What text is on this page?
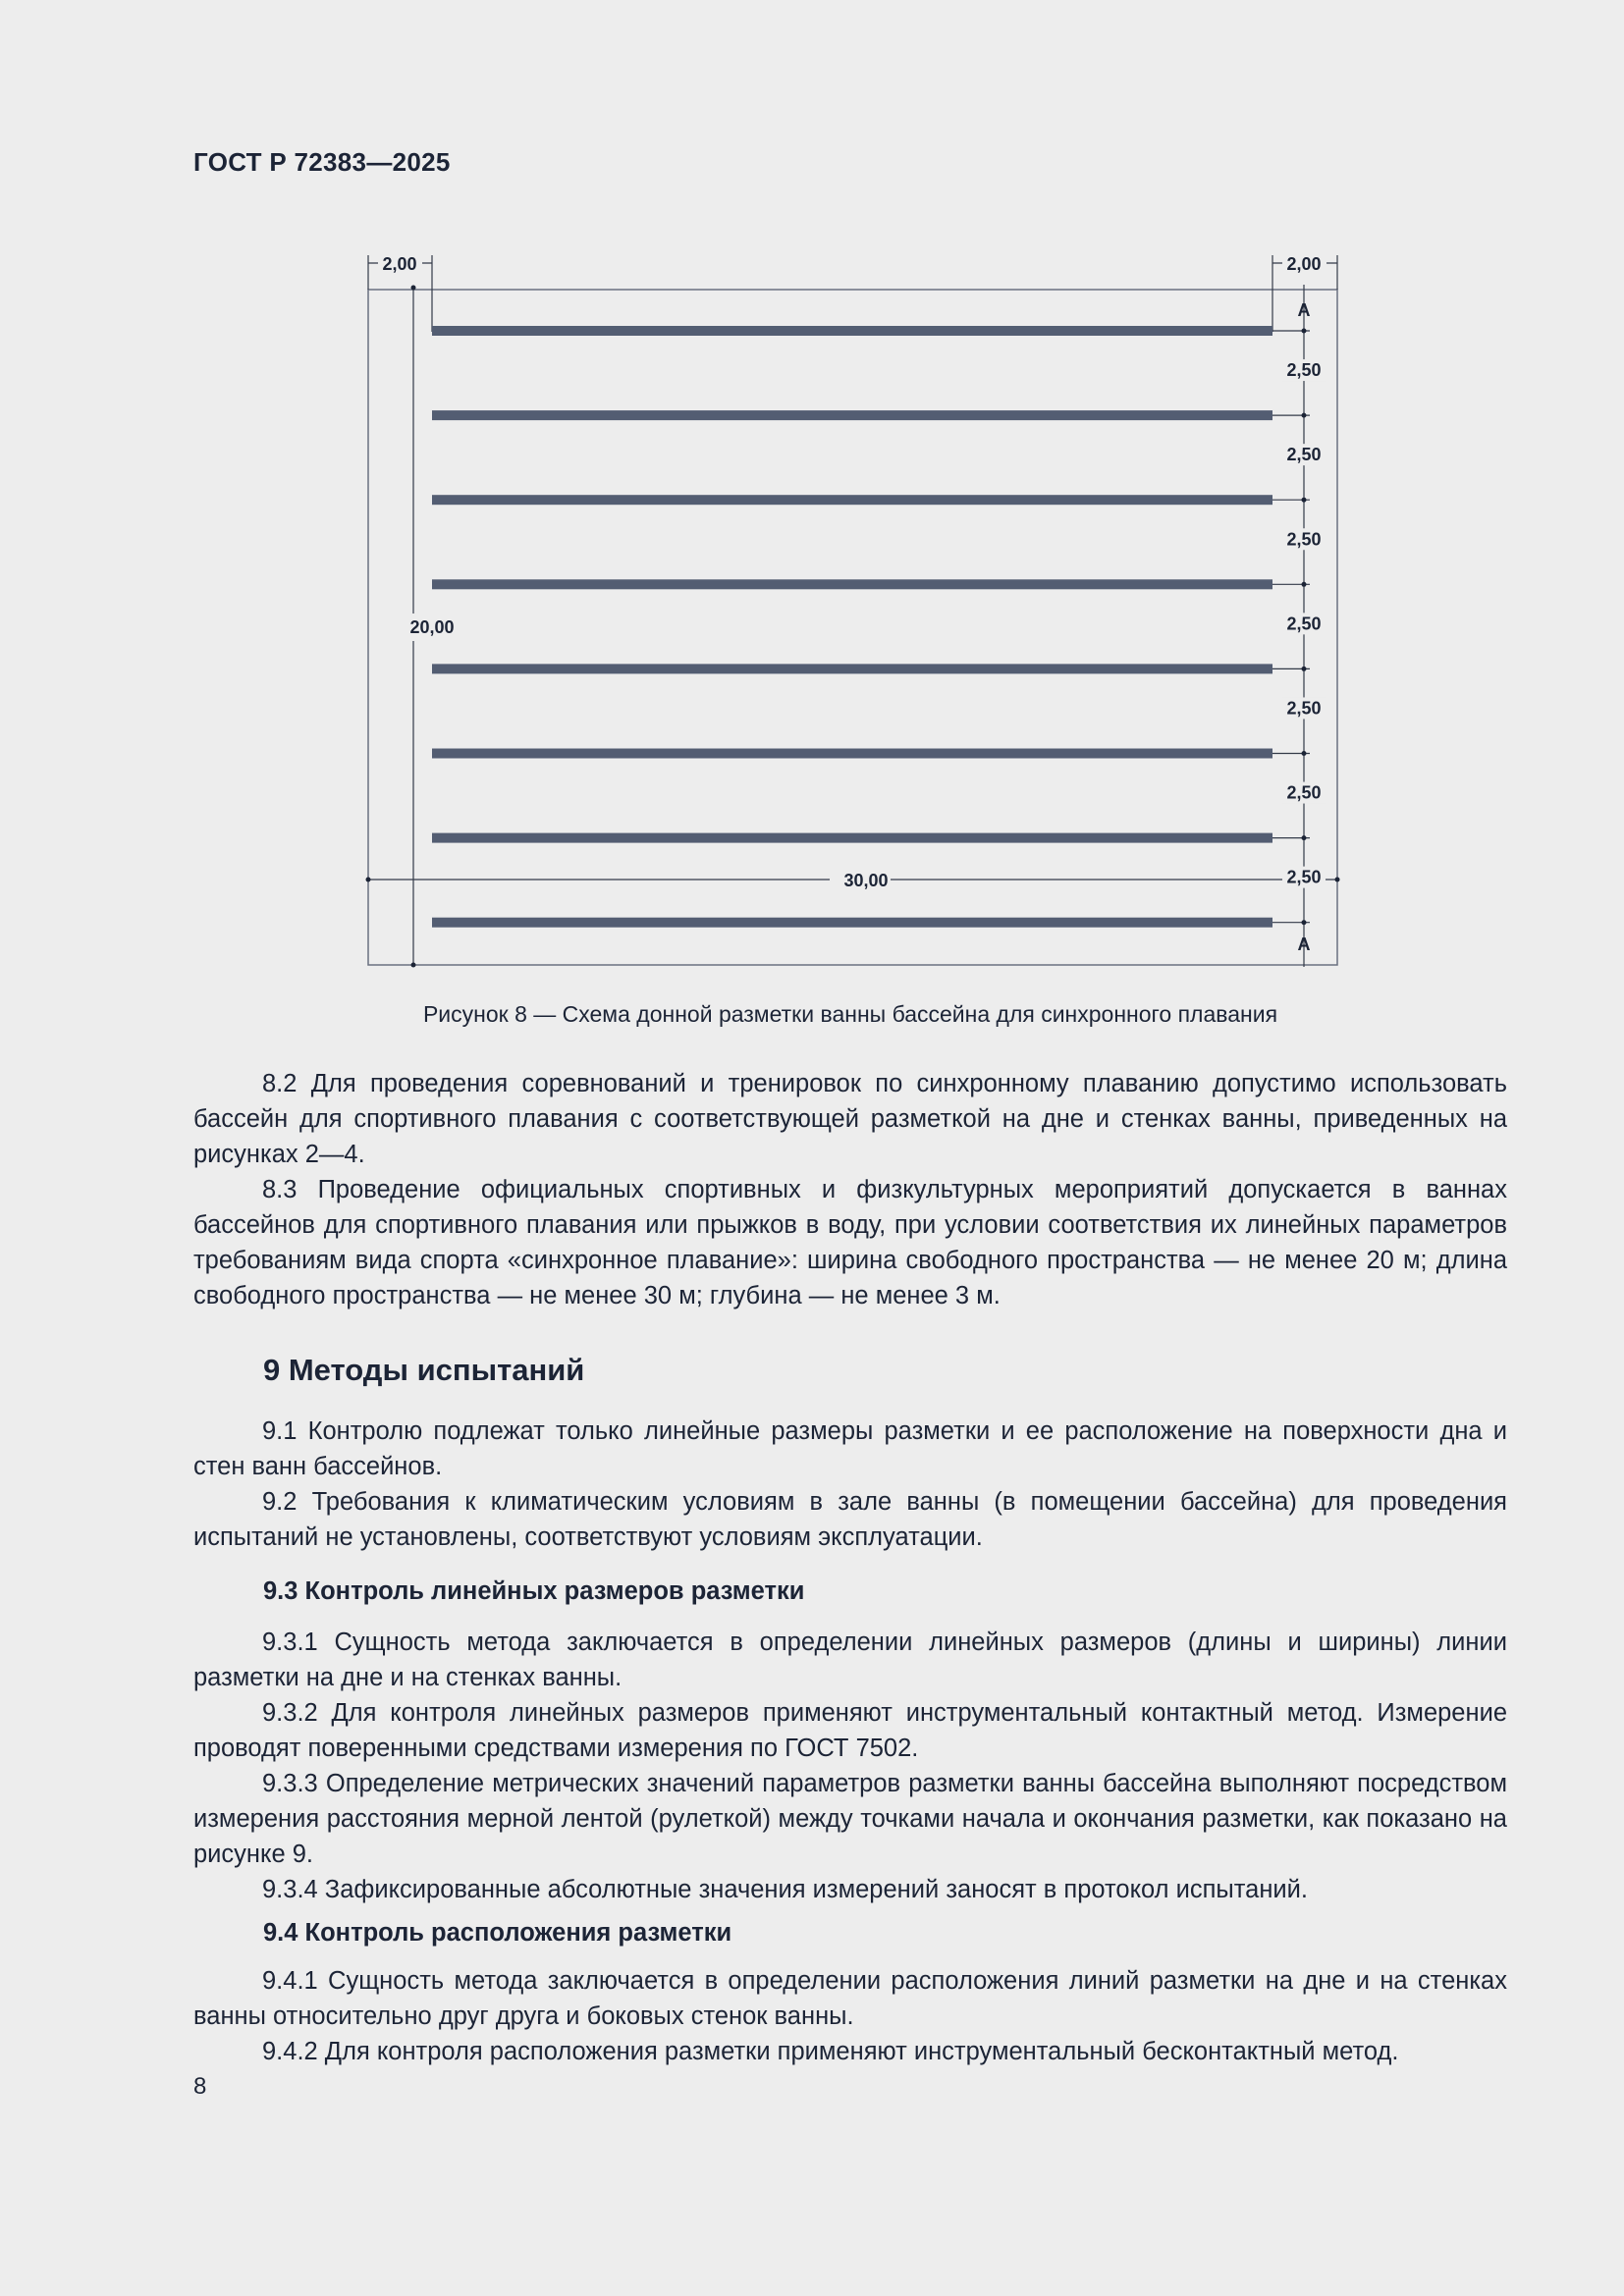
ГОСТ Р 72383—2025
2,00	2,00
20,00
30,00
2,50
2,50
2,50
2,50
2,50
2,50
2,50
A
A
Рисунок 8 — Схема донной разметки ванны бассейна для синхронного плавания

8.2 Для проведения соревнований и тренировок по синхронному плаванию допустимо использовать бассейн для спортивного плавания с соответствующей разметкой на дне и стенках ванны, приведенных на рисунках 2—4.

8.3 Проведение официальных спортивных и физкультурных мероприятий допускается в ваннах бассейнов для спортивного плавания или прыжков в воду, при условии соответствия их линейных параметров требованиям вида спорта «синхронное плавание»: ширина свободного пространства — не менее 20 м; длина свободного пространства — не менее 30 м; глубина — не менее 3 м.

9 Методы испытаний

9.1 Контролю подлежат только линейные размеры разметки и ее расположение на поверхности дна и стен ванн бассейнов.

9.2 Требования к климатическим условиям в зале ванны (в помещении бассейна) для проведения испытаний не установлены, соответствуют условиям эксплуатации.

9.3 Контроль линейных размеров разметки

9.3.1 Сущность метода заключается в определении линейных размеров (длины и ширины) линии разметки на дне и на стенках ванны.

9.3.2 Для контроля линейных размеров применяют инструментальный контактный метод. Измерение проводят поверенными средствами измерения по ГОСТ 7502.

9.3.3 Определение метрических значений параметров разметки ванны бассейна выполняют посредством измерения расстояния мерной лентой (рулеткой) между точками начала и окончания разметки, как показано на рисунке 9.

9.3.4 Зафиксированные абсолютные значения измерений заносят в протокол испытаний.

9.4 Контроль расположения разметки

9.4.1 Сущность метода заключается в определении расположения линий разметки на дне и на стенках ванны относительно друг друга и боковых стенок ванны.

9.4.2 Для контроля расположения разметки применяют инструментальный бесконтактный метод.

8
